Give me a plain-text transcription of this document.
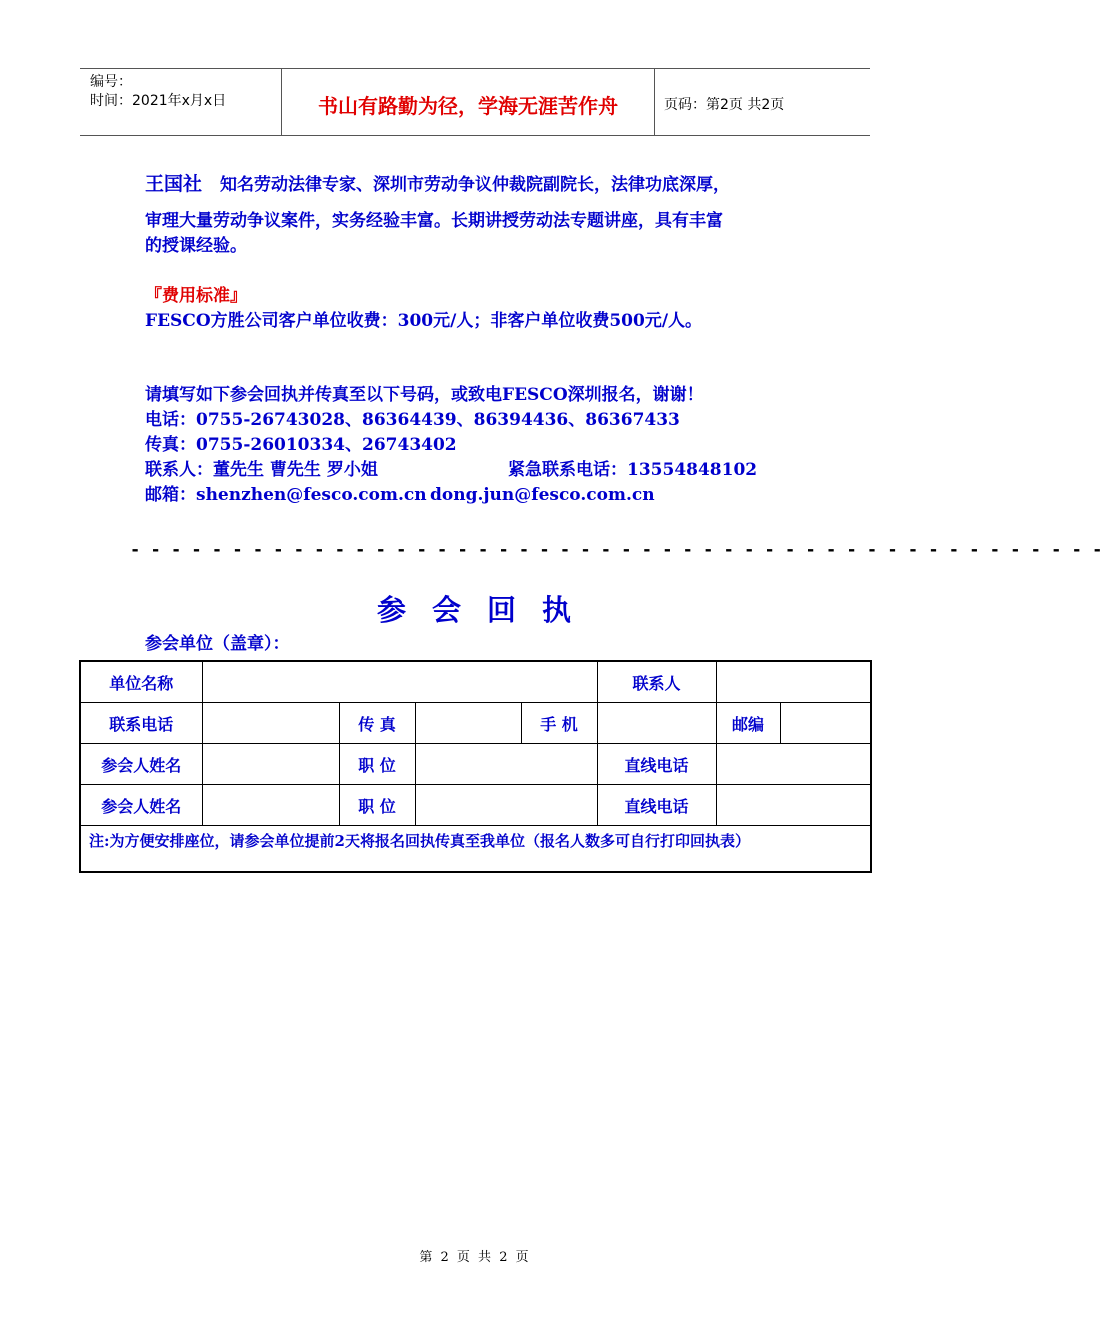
编号：
时间：2021年x月x日	书山有路勤为径，学海无涯苦作舟	页码：第2页 共2页
王国社 知名劳动法律专家、深圳市劳动争议仲裁院副院长，法律功底深厚，
审理大量劳动争议案件，实务经验丰富。长期讲授劳动法专题讲座，具有丰富
的授课经验。
『费用标准』
FESCO方胜公司客户单位收费：300元/人；非客户单位收费500元/人。
请填写如下参会回执并传真至以下号码，或致电FESCO深圳报名，谢谢！
电话：0755-26743028、86364439、86394436、86367433
传真：0755-26010334、26743402
联系人：董先生 曹先生 罗小姐	紧急联系电话：13554848102
邮箱：shenzhen@fesco.com.cn dong.jun@fesco.com.cn
- - - - - - - - - - - - - - - - - - - - - - - - - - - - - - - - - - - - - - - - - - - - - - - -
参会回执
参会单位（盖章）：
单位名称					联系人		
联系电话		传 真		手 机		邮编	
参会人姓名		职 位			直线电话		
参会人姓名		职 位			直线电话		
注:为方便安排座位，请参会单位提前2天将报名回执传真至我单位（报名人数多可自行打印回执表）							
第 2 页 共 2 页
